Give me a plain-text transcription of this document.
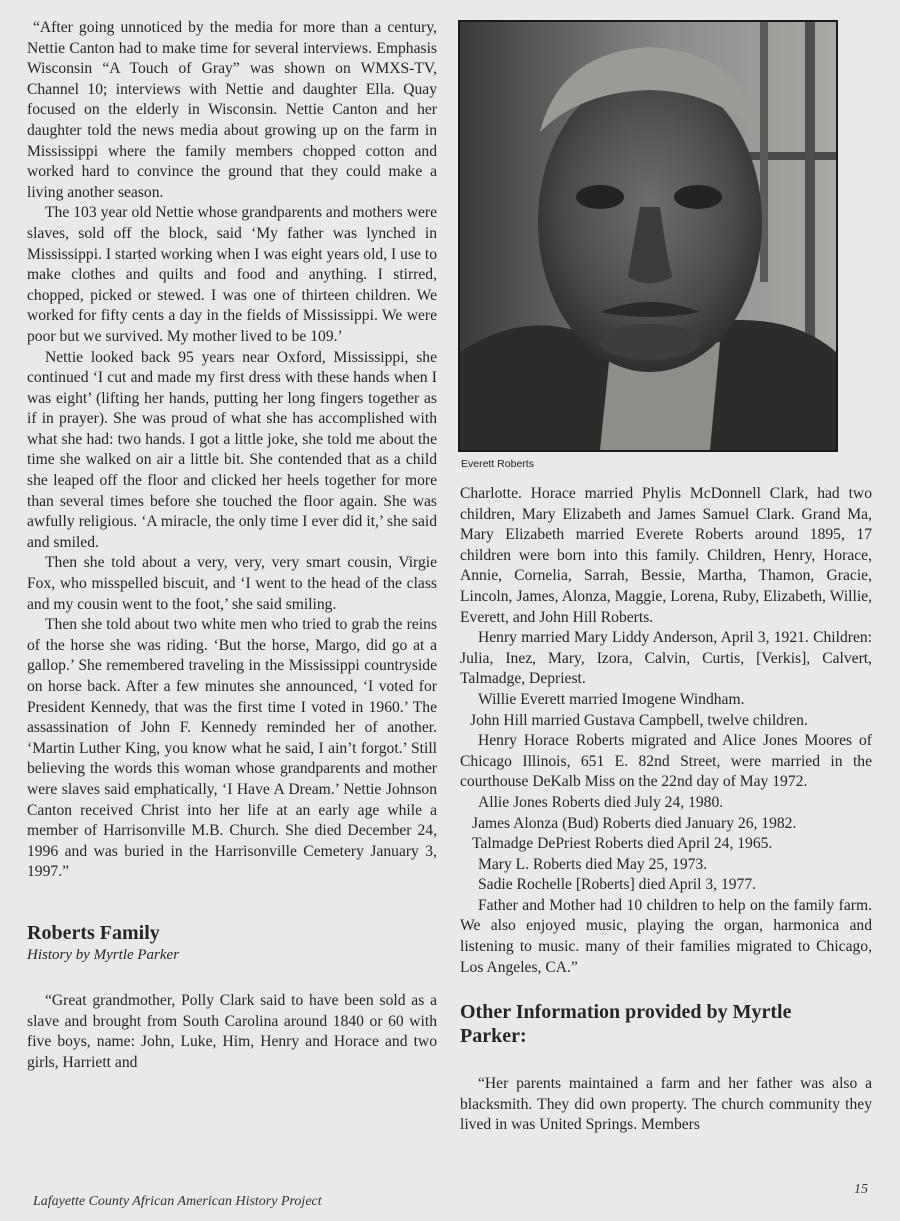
“After going unnoticed by the media for more than a century, Nettie Canton had to make time for several interviews. Emphasis Wisconsin “A Touch of Gray” was shown on WMXS-TV, Channel 10; interviews with Nettie and daughter Ella. Quay focused on the elderly in Wisconsin. Nettie Canton and her daughter told the news media about growing up on the farm in Mississippi where the family members chopped cotton and worked hard to convince the ground that they could make a living another season.

The 103 year old Nettie whose grandparents and mothers were slaves, sold off the block, said ‘My father was lynched in Mississippi. I started working when I was eight years old, I use to make clothes and quilts and food and anything. I stirred, chopped, picked or stewed. I was one of thirteen children. We worked for fifty cents a day in the fields of Mississippi. We were poor but we survived. My mother lived to be 109.’

Nettie looked back 95 years near Oxford, Mississippi, she continued ‘I cut and made my first dress with these hands when I was eight’ (lifting her hands, putting her long fingers together as if in prayer). She was proud of what she has accomplished with what she had: two hands. I got a little joke, she told me about the time she walked on air a little bit. She contended that as a child she leaped off the floor and clicked her heels together for more than several times before she touched the floor again. She was awfully religious. ‘A miracle, the only time I ever did it,’ she said and smiled.

Then she told about a very, very, very smart cousin, Virgie Fox, who misspelled biscuit, and ‘I went to the head of the class and my cousin went to the foot,’ she said smiling.

Then she told about two white men who tried to grab the reins of the horse she was riding. ‘But the horse, Margo, did go at a gallop.’ She remembered traveling in the Mississippi countryside on horse back. After a few minutes she announced, ‘I voted for President Kennedy, that was the first time I voted in 1960.’ The assassination of John F. Kennedy reminded her of another. ‘Martin Luther King, you know what he said, I ain’t forgot.’ Still believing the words this woman whose grandparents and mother were slaves said emphatically, ‘I Have A Dream.’ Nettie Johnson Canton received Christ into her life at an early age while a member of Harrisonville M.B. Church. She died December 24, 1996 and was buried in the Harrisonville Cemetery January 3, 1997.”

Roberts Family
History by Myrtle Parker

“Great grandmother, Polly Clark said to have been sold as a slave and brought from South Carolina around 1840 or 60 with five boys, name: John, Luke, Him, Henry and Horace and two girls, Harriett and

Everett Roberts

Charlotte. Horace married Phylis McDonnell Clark, had two children, Mary Elizabeth and James Samuel Clark. Grand Ma, Mary Elizabeth married Everete Roberts around 1895, 17 children were born into this family. Children, Henry, Horace, Annie, Cornelia, Sarrah, Bessie, Martha, Thamon, Gracie, Lincoln, James, Alonza, Maggie, Lorena, Ruby, Elizabeth, Willie, Everett, and John Hill Roberts.

Henry married Mary Liddy Anderson, April 3, 1921. Children: Julia, Inez, Mary, Izora, Calvin, Curtis, [Verkis], Calvert, Talmadge, Depriest.

Willie Everett married Imogene Windham.

John Hill married Gustava Campbell, twelve children.

Henry Horace Roberts migrated and Alice Jones Moores of Chicago Illinois, 651 E. 82nd Street, were married in the courthouse DeKalb Miss on the 22nd day of May 1972.

Allie Jones Roberts died July 24, 1980.

James Alonza (Bud) Roberts died January 26, 1982.

Talmadge DePriest Roberts died April 24, 1965.

Mary L. Roberts died May 25, 1973.

Sadie Rochelle [Roberts] died April 3, 1977.

Father and Mother had 10 children to help on the family farm. We also enjoyed music, playing the organ, harmonica and listening to music. many of their families migrated to Chicago, Los Angeles, CA.”

Other Information provided by Myrtle Parker:

“Her parents maintained a farm and her father was also a blacksmith. They did own property. The church community they lived in was United Springs. Members

Lafayette County African American History Project
15
